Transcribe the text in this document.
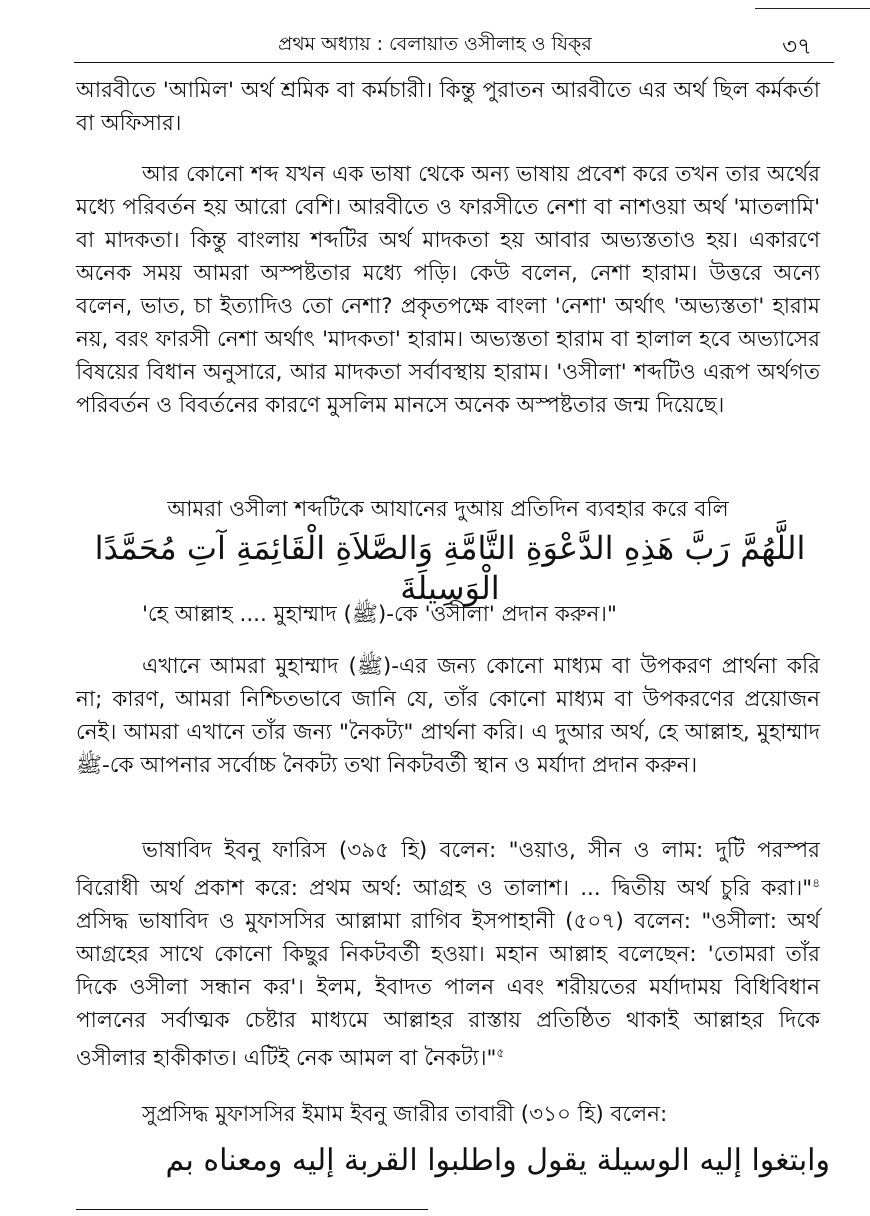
প্রথম অধ্যায় : বেলায়াত ওসীলাহ ও যিক্‌র	৩৭
আরবীতে 'আমিল' অর্থ শ্রমিক বা কর্মচারী। কিন্তু পুরাতন আরবীতে এর অর্থ ছিল কর্মকর্তা বা অফিসার।
আর কোনো শব্দ যখন এক ভাষা থেকে অন্য ভাষায় প্রবেশ করে তখন তার অর্থের মধ্যে পরিবর্তন হয় আরো বেশি। আরবীতে ও ফারসীতে নেশা বা নাশওয়া অর্থ 'মাতলামি' বা মাদকতা। কিন্তু বাংলায় শব্দটির অর্থ মাদকতা হয় আবার অভ্যস্ততাও হয়। একারণে অনেক সময় আমরা অস্পষ্টতার মধ্যে পড়ি। কেউ বলেন, নেশা হারাম। উত্তরে অন্যে বলেন, ভাত, চা ইত্যাদিও তো নেশা? প্রকৃতপক্ষে বাংলা 'নেশা' অর্থাৎ 'অভ্যস্ততা' হারাম নয়, বরং ফারসী নেশা অর্থাৎ 'মাদকতা' হারাম। অভ্যস্ততা হারাম বা হালাল হবে অভ্যাসের বিষয়ের বিধান অনুসারে, আর মাদকতা সর্বাবস্থায় হারাম। 'ওসীলা' শব্দটিও এরূপ অর্থগত পরিবর্তন ও বিবর্তনের কারণে মুসলিম মানসে অনেক অস্পষ্টতার জন্ম দিয়েছে।
আমরা ওসীলা শব্দটিকে আযানের দুআয় প্রতিদিন ব্যবহার করে বলি
اللَّهُمَّ رَبَّ هَذِهِ الدَّعْوَةِ التَّامَّةِ وَالصَّلاَةِ الْقَائِمَةِ آتِ مُحَمَّدًا الْوَسِيلَةَ
'হে আল্লাহ .... মুহাম্মাদ (ﷺ)-কে 'ওসীলা' প্রদান করুন।"
এখানে আমরা মুহাম্মাদ (ﷺ)-এর জন্য কোনো মাধ্যম বা উপকরণ প্রার্থনা করি না; কারণ, আমরা নিশ্চিতভাবে জানি যে, তাঁর কোনো মাধ্যম বা উপকরণের প্রয়োজন নেই। আমরা এখানে তাঁর জন্য "নৈকট্য" প্রার্থনা করি। এ দুআর অর্থ, হে আল্লাহ, মুহাম্মাদ ﷺ-কে আপনার সর্বোচ্চ নৈকট্য তথা নিকটবর্তী স্থান ও মর্যাদা প্রদান করুন।
ভাষাবিদ ইবনু ফারিস (৩৯৫ হি) বলেন: "ওয়াও, সীন ও লাম: দুটি পরস্পর বিরোধী অর্থ প্রকাশ করে: প্রথম অর্থ: আগ্রহ ও তালাশ। ... দ্বিতীয় অর্থ চুরি করা।"$^৪$ প্রসিদ্ধ ভাষাবিদ ও মুফাসসির আল্লামা রাগিব ইসপাহানী (৫০৭) বলেন: "ওসীলা: অর্থ আগ্রহের সাথে কোনো কিছুর নিকটবর্তী হওয়া। মহান আল্লাহ বলেছেন: 'তোমরা তাঁর দিকে ওসীলা সন্ধান কর'। ইলম, ইবাদত পালন এবং শরীয়তের মর্যাদাময় বিধিবিধান পালনের সর্বাত্মক চেষ্টার মাধ্যমে আল্লাহর রাস্তায় প্রতিষ্ঠিত থাকাই আল্লাহর দিকে ওসীলার হাকীকাত। এটিই নেক আমল বা নৈকট্য।"$^৫$
সুপ্রসিদ্ধ মুফাসসির ইমাম ইবনু জারীর তাবারী (৩১০ হি) বলেন:
وابتغوا إليه الوسيلة يقول واطلبوا القربة إليه ومعناه بم
